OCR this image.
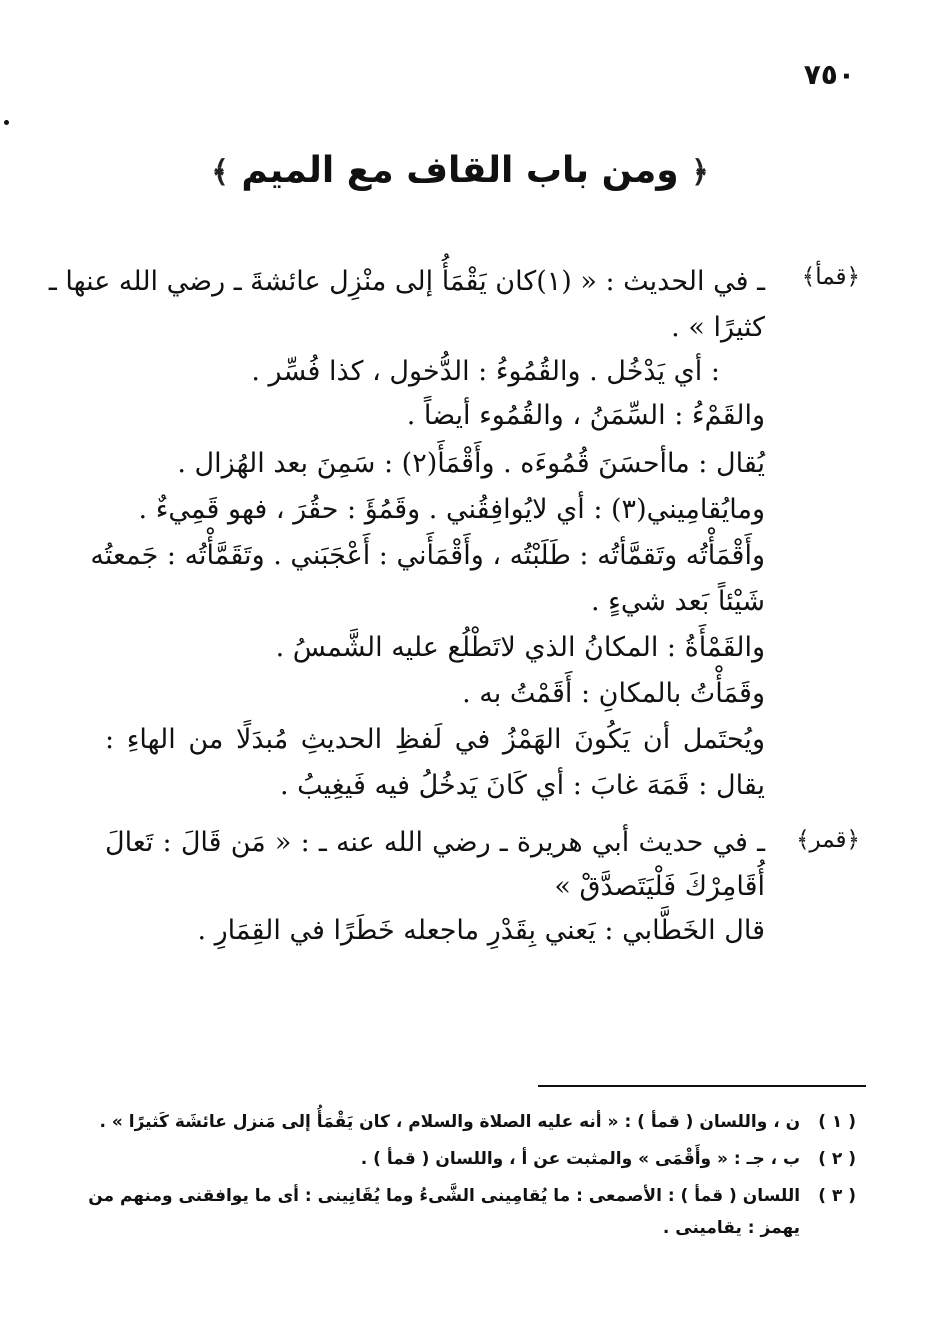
٧٥٠
﴿ ومن باب القاف مع الميم ﴾
﴿قمأ﴾
ـ في الحديث : « (١)كان يَقْمَأُ إلى منْزِل عائشةَ ـ رضي الله عنها ـ
كثيرًا » .
: أي يَدْخُل . والقُمُوءُ : الدُّخول ، كذا فُسِّر .
والقَمْءُ : السِّمَنُ ، والقُمُوء أيضاً .
يُقال : ماأحسَنَ قُمُوءَه . وأَقْمَأَ(٢) : سَمِنَ بعد الهُزال .
ومايُقامِيني(٣) : أي لايُوافِقُني . وقَمُؤَ : حقُرَ ، فهو قَمِيءٌ .
وأَقْمَأْتُه وتَقمَّأتُه : طَلَبْتُه ، وأَقْمَأَني : أَعْجَبَني . وتَقَمَّأْتُه : جَمعتُه
شَيْئاً بَعد شيءٍ .
والقَمْأَةُ : المكانُ الذي لاتَطْلُع عليه الشَّمسُ .
وقَمَأْتُ بالمكانِ : أَقَمْتُ به .
ويُحتَمل أن يَكُونَ الهَمْزُ في لَفظِ الحديثِ مُبدَلًا من الهاءِ :
يقال : قَمَهَ غابَ : أي كَانَ يَدخُلُ فيه فَيغِيبُ .
﴿قمر﴾
ـ في حديث أبي هريرة ـ رضي الله عنه ـ : « مَن قَالَ : تَعالَ
أُقَامِرْكَ فَلْيَتَصدَّقْ »
قال الخَطَّابي : يَعني بِقَدْرِ ماجعله خَطَرًا في القِمَارِ .
( ١ ) ن ، واللسان ( قمأ ) : « أنه عليه الصلاة والسلام ، كان يَقْمَأُ إلى مَنزل عائشَة كَثيرًا » .
( ٢ ) ب ، جـ : « وأَقْمَى » والمثبت عن أ ، واللسان ( قمأ ) .
( ٣ ) اللسان ( قمأ ) : الأصمعى : ما يُقامِينى الشَّىءُ وما يُقَانِينى : أى ما يوافقنى ومنهم من
يهمز : يقامينى .
